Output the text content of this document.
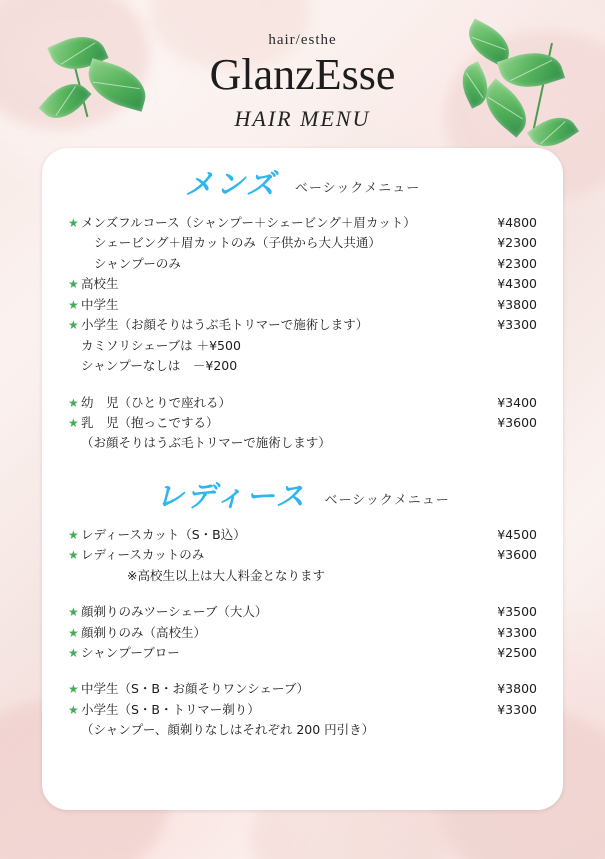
hair/esthe
GlanzEsse
HAIR MENU
メンズ ベーシックメニュー
★ メンズフルコース（シャンプー＋シェービング＋眉カット）	¥4800
シェービング＋眉カットのみ（子供から大人共通）	¥2300
シャンプーのみ	¥2300
★ 高校生	¥4300
★ 中学生	¥3800
★ 小学生（お顔そりはうぶ毛トリマーで施術します）	¥3300
カミソリシェーブは ＋¥500
シャンプーなしは　－¥200
★ 幼　児（ひとりで座れる）	¥3400
★ 乳　児（抱っこでする）	¥3600
（お顔そりはうぶ毛トリマーで施術します）
レディース ベーシックメニュー
★ レディースカット（S・B込）	¥4500
★ レディースカットのみ	¥3600
※高校生以上は大人料金となります
★ 顔剃りのみツーシェーブ（大人）	¥3500
★ 顔剃りのみ（高校生）	¥3300
★ シャンプーブロー	¥2500
★ 中学生（S・B・お顔そりワンシェーブ）	¥3800
★ 小学生（S・B・トリマー剃り）	¥3300
（シャンプー、顔剃りなしはそれぞれ 200 円引き）
